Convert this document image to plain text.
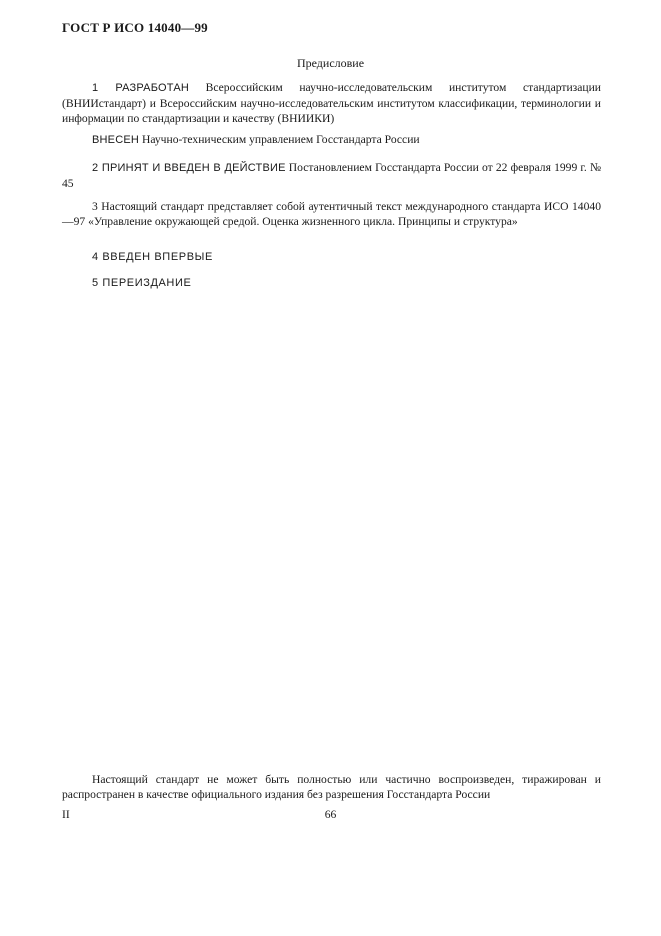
ГОСТ Р ИСО 14040—99
Предисловие

1 РАЗРАБОТАН Всероссийским научно-исследовательским институтом стандартизации (ВНИИстандарт) и Всероссийским научно-исследовательским институтом классификации, терминологии и информации по стандартизации и качеству (ВНИИКИ)

ВНЕСЕН Научно-техническим управлением Госстандарта России

2 ПРИНЯТ И ВВЕДЕН В ДЕЙСТВИЕ Постановлением Госстандарта России от 22 февраля 1999 г. № 45

3 Настоящий стандарт представляет собой аутентичный текст международного стандарта ИСО 14040—97 «Управление окружающей средой. Оценка жизненного цикла. Принципы и структура»

4 ВВЕДЕН ВПЕРВЫЕ

5 ПЕРЕИЗДАНИЕ

Настоящий стандарт не может быть полностью или частично воспроизведен, тиражирован и распространен в качестве официального издания без разрешения Госстандарта России
II	66
